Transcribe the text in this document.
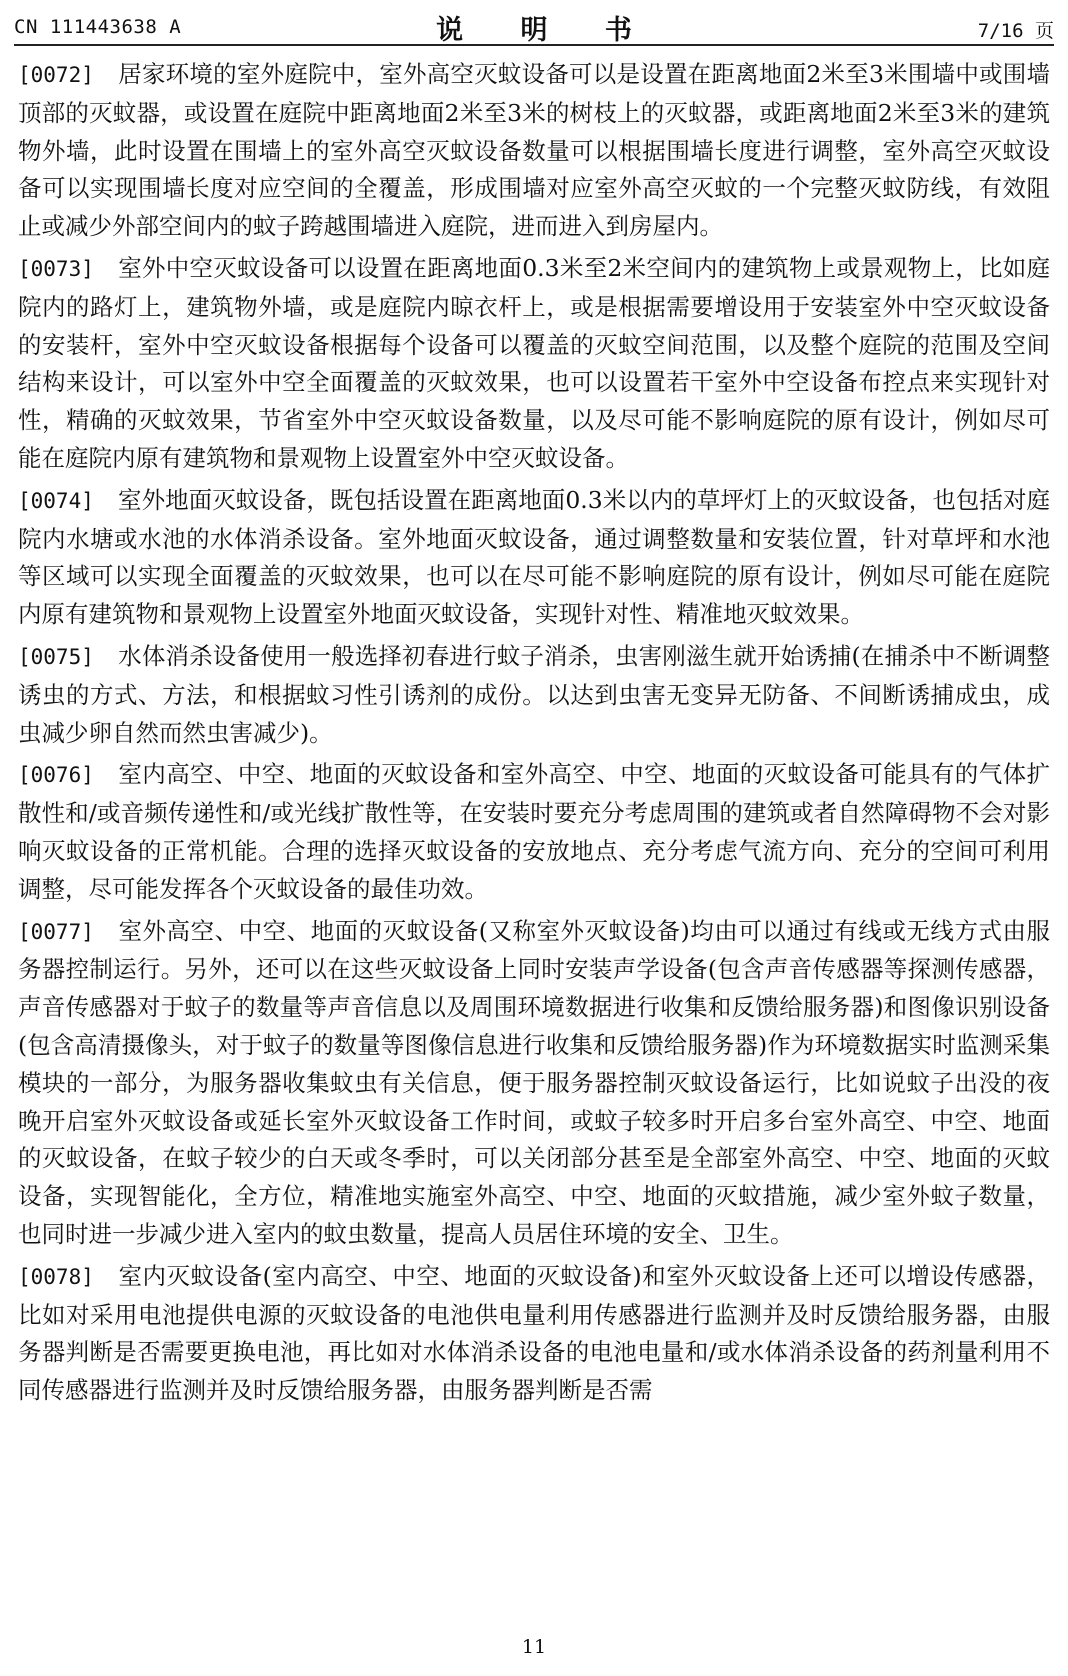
CN 111443638 A	说 明 书	7/16 页

[0072] 居家环境的室外庭院中，室外高空灭蚊设备可以是设置在距离地面2米至3米围墙中或围墙顶部的灭蚊器，或设置在庭院中距离地面2米至3米的树枝上的灭蚊器，或距离地面2米至3米的建筑物外墙，此时设置在围墙上的室外高空灭蚊设备数量可以根据围墙长度进行调整，室外高空灭蚊设备可以实现围墙长度对应空间的全覆盖，形成围墙对应室外高空灭蚊的一个完整灭蚊防线，有效阻止或减少外部空间内的蚊子跨越围墙进入庭院，进而进入到房屋内。

[0073] 室外中空灭蚊设备可以设置在距离地面0.3米至2米空间内的建筑物上或景观物上，比如庭院内的路灯上，建筑物外墙，或是庭院内晾衣杆上，或是根据需要增设用于安装室外中空灭蚊设备的安装杆，室外中空灭蚊设备根据每个设备可以覆盖的灭蚊空间范围，以及整个庭院的范围及空间结构来设计，可以室外中空全面覆盖的灭蚊效果，也可以设置若干室外中空设备布控点来实现针对性，精确的灭蚊效果，节省室外中空灭蚊设备数量，以及尽可能不影响庭院的原有设计，例如尽可能在庭院内原有建筑物和景观物上设置室外中空灭蚊设备。

[0074] 室外地面灭蚊设备，既包括设置在距离地面0.3米以内的草坪灯上的灭蚊设备，也包括对庭院内水塘或水池的水体消杀设备。室外地面灭蚊设备，通过调整数量和安装位置，针对草坪和水池等区域可以实现全面覆盖的灭蚊效果，也可以在尽可能不影响庭院的原有设计，例如尽可能在庭院内原有建筑物和景观物上设置室外地面灭蚊设备，实现针对性、精准地灭蚊效果。

[0075] 水体消杀设备使用一般选择初春进行蚊子消杀，虫害刚滋生就开始诱捕(在捕杀中不断调整诱虫的方式、方法，和根据蚊习性引诱剂的成份。以达到虫害无变异无防备、不间断诱捕成虫，成虫减少卵自然而然虫害减少)。

[0076] 室内高空、中空、地面的灭蚊设备和室外高空、中空、地面的灭蚊设备可能具有的气体扩散性和/或音频传递性和/或光线扩散性等，在安装时要充分考虑周围的建筑或者自然障碍物不会对影响灭蚊设备的正常机能。合理的选择灭蚊设备的安放地点、充分考虑气流方向、充分的空间可利用调整，尽可能发挥各个灭蚊设备的最佳功效。

[0077] 室外高空、中空、地面的灭蚊设备(又称室外灭蚊设备)均由可以通过有线或无线方式由服务器控制运行。另外，还可以在这些灭蚊设备上同时安装声学设备(包含声音传感器等探测传感器，声音传感器对于蚊子的数量等声音信息以及周围环境数据进行收集和反馈给服务器)和图像识别设备(包含高清摄像头，对于蚊子的数量等图像信息进行收集和反馈给服务器)作为环境数据实时监测采集模块的一部分，为服务器收集蚊虫有关信息，便于服务器控制灭蚊设备运行，比如说蚊子出没的夜晚开启室外灭蚊设备或延长室外灭蚊设备工作时间，或蚊子较多时开启多台室外高空、中空、地面的灭蚊设备，在蚊子较少的白天或冬季时，可以关闭部分甚至是全部室外高空、中空、地面的灭蚊设备，实现智能化，全方位，精准地实施室外高空、中空、地面的灭蚊措施，减少室外蚊子数量，也同时进一步减少进入室内的蚊虫数量，提高人员居住环境的安全、卫生。

[0078] 室内灭蚊设备(室内高空、中空、地面的灭蚊设备)和室外灭蚊设备上还可以增设传感器，比如对采用电池提供电源的灭蚊设备的电池供电量利用传感器进行监测并及时反馈给服务器，由服务器判断是否需要更换电池，再比如对水体消杀设备的电池电量和/或水体消杀设备的药剂量利用不同传感器进行监测并及时反馈给服务器，由服务器判断是否需

11
